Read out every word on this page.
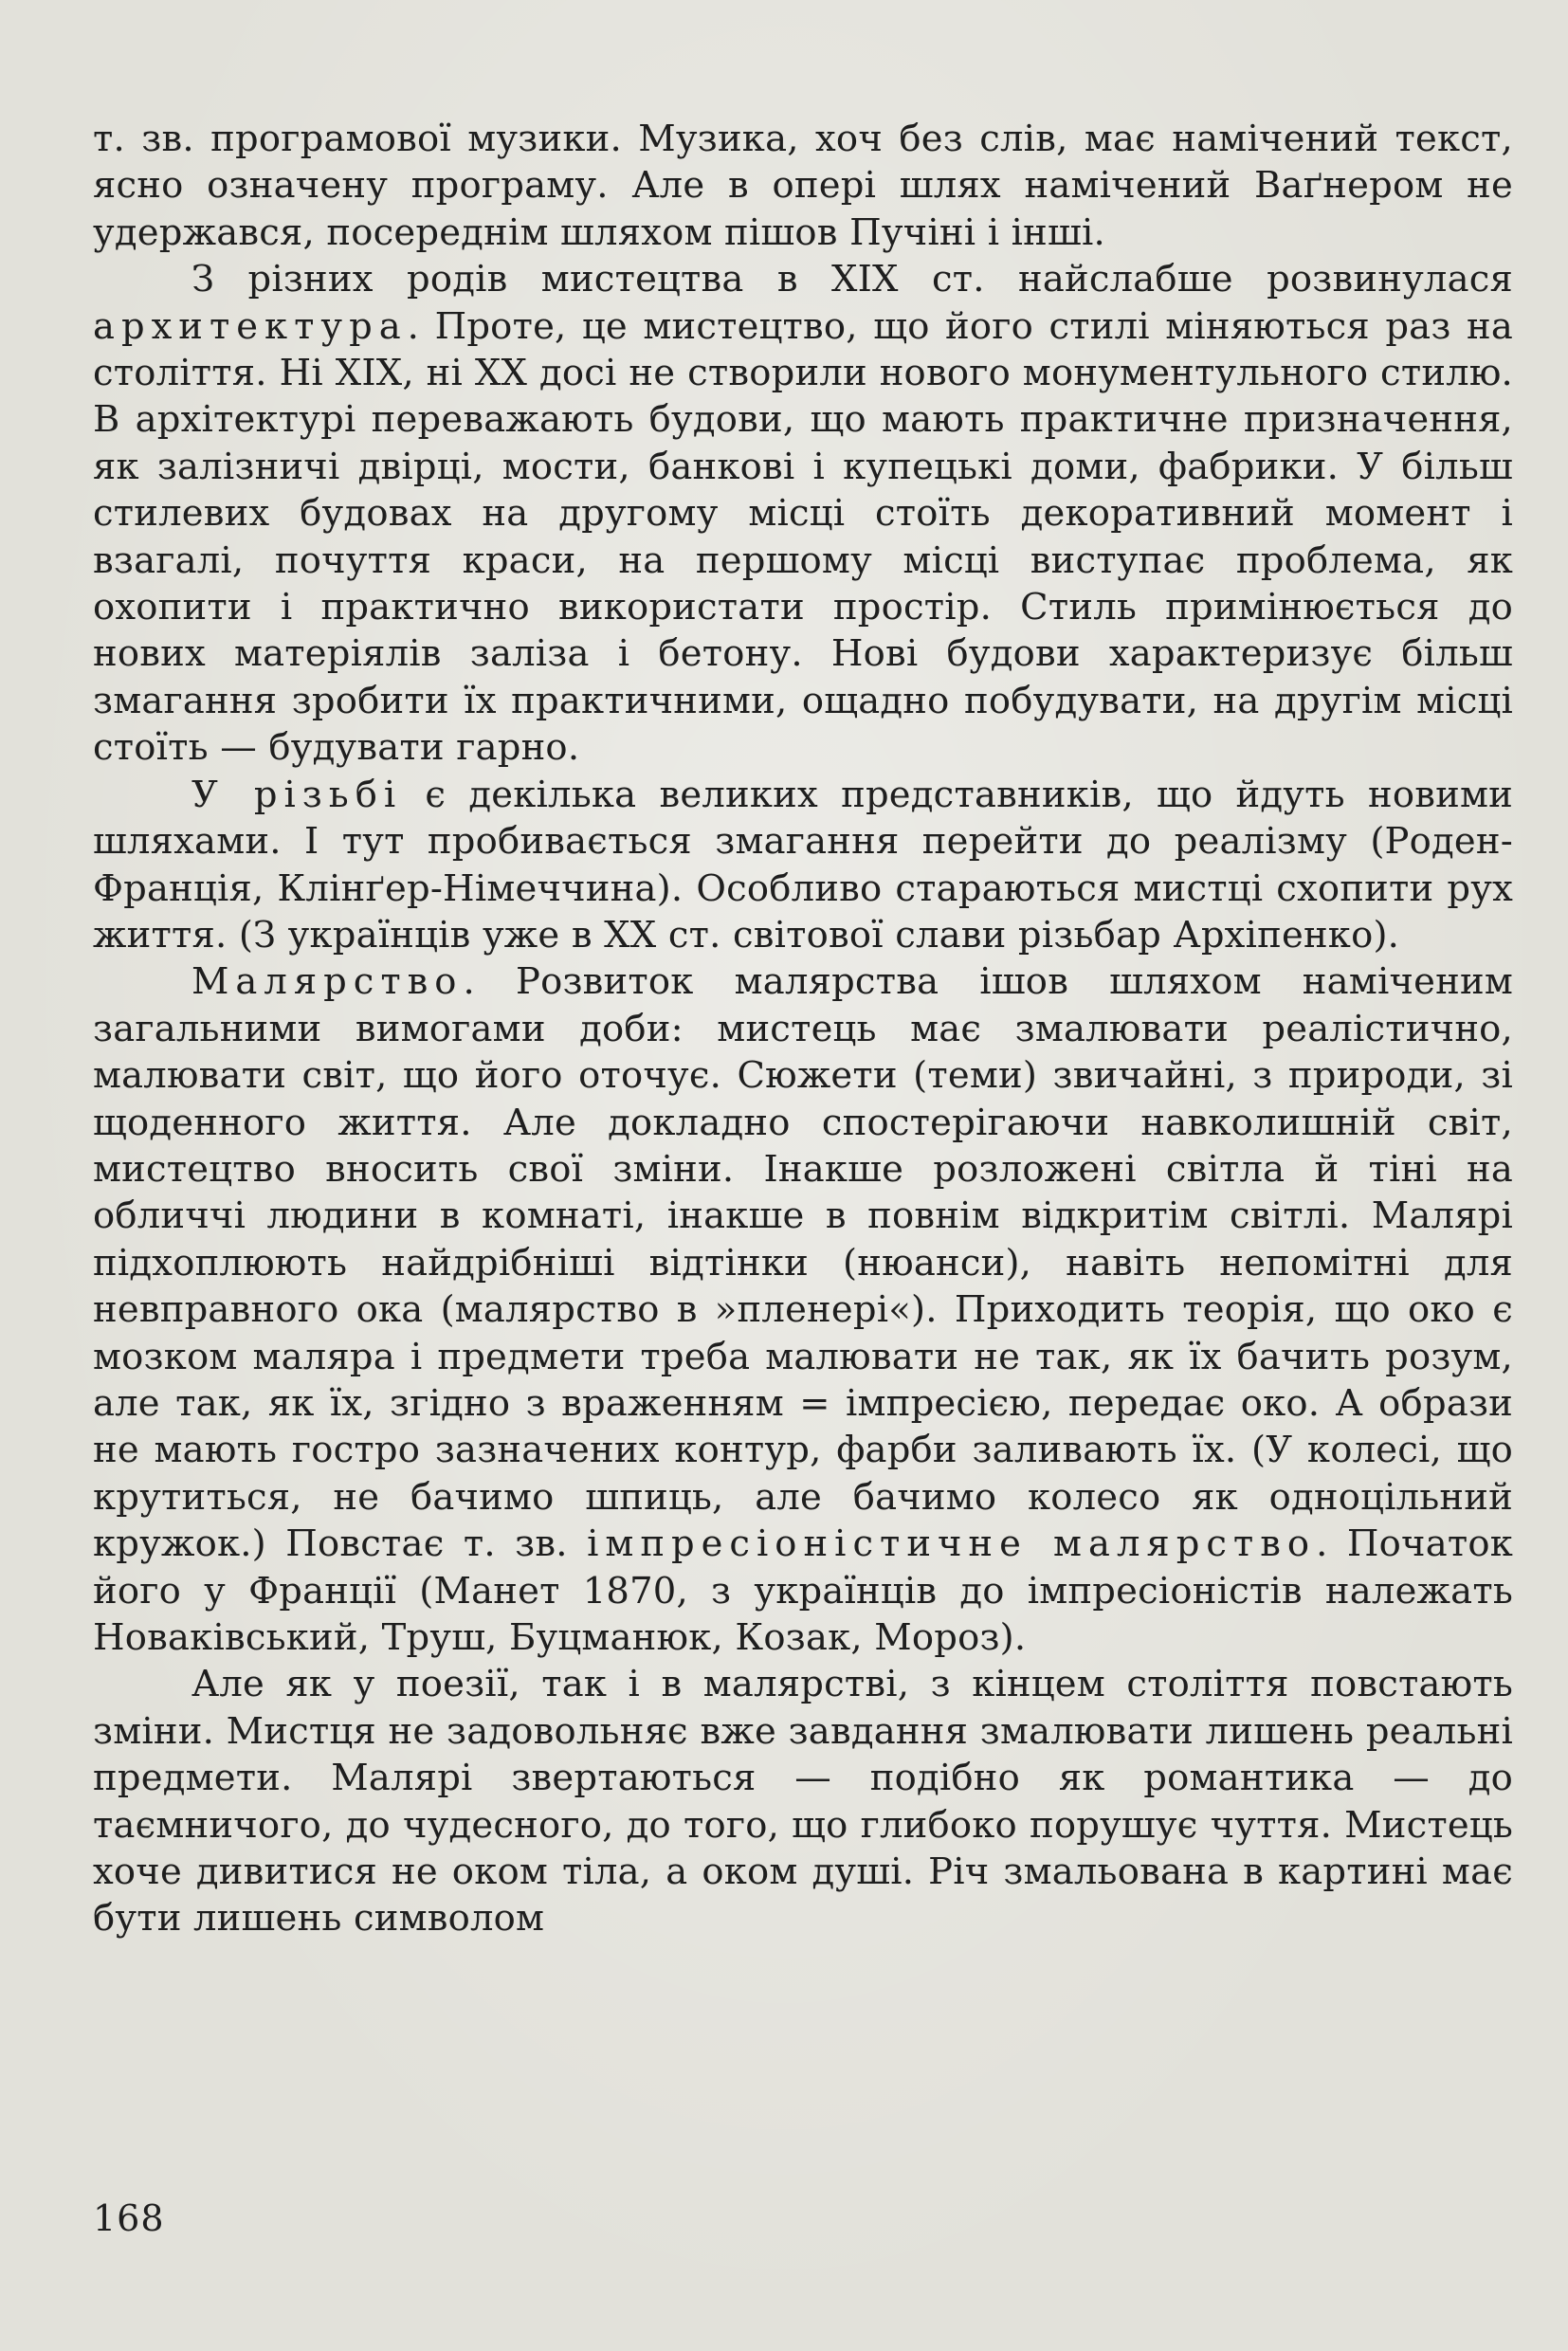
т. зв. програмової музики. Музика, хоч без слів, має намічений текст, ясно означену програму. Але в опері шлях намічений Ваґнером не удержався, посереднім шляхом пішов Пучіні і інші.

З різних родів мистецтва в XIX ст. найслабше розвинулася архитектура. Проте, це мистецтво, що його стилі міняються раз на століття. Ні XIX, ні XX досі не створили нового монументульного стилю. В архітектурі переважають будови, що мають практичне призначення, як залізничі двірці, мости, банкові і купецькі доми, фабрики. У більш стилевих будовах на другому місці стоїть декоративний момент і взагалі, почуття краси, на першому місці виступає проблема, як охопити і практично використати простір. Стиль примінюється до нових матеріялів заліза і бетону. Нові будови характеризує більш змагання зробити їх практичними, ощадно побудувати, на другім місці стоїть — будувати гарно.

У різьбі є декілька великих представників, що йдуть новими шляхами. І тут пробивається змагання перейти до реалізму (Роден-Франція, Клінґер-Німеччина). Особливо стараються мистці схопити рух життя. (З українців уже в XX ст. світової слави різьбар Архіпенко).

Малярство. Розвиток малярства ішов шляхом наміченим загальними вимогами доби: мистець має змалювати реалістично, малювати світ, що його оточує. Сюжети (теми) звичайні, з природи, зі щоденного життя. Але докладно спостерігаючи навколишній світ, мистецтво вносить свої зміни. Інакше розложені світла й тіні на обличчі людини в комнаті, інакше в повнім відкритім світлі. Малярі підхоплюють найдрібніші відтінки (нюанси), навіть непомітні для невправного ока (малярство в »пленері«). Приходить теорія, що око є мозком маляра і предмети треба малювати не так, як їх бачить розум, але так, як їх, згідно з враженням = імпресією, передає око. А образи не мають гостро зазначених контур, фарби заливають їх. (У колесі, що крутиться, не бачимо шпиць, але бачимо колесо як одноцільний кружок.) Повстає т. зв. імпресіоністичне малярство. Початок його у Франції (Манет 1870, з українців до імпресіоністів належать Новаківський, Труш, Буцманюк, Козак, Мороз).

Але як у поезії, так і в малярстві, з кінцем століття повстають зміни. Мистця не задовольняє вже завдання змалювати лишень реальні предмети. Малярі звертаються — подібно як романтика — до таємничого, до чудесного, до того, що глибоко порушує чуття. Мистець хоче дивитися не оком тіла, а оком душі. Річ змальована в картині має бути лишень символом

168
